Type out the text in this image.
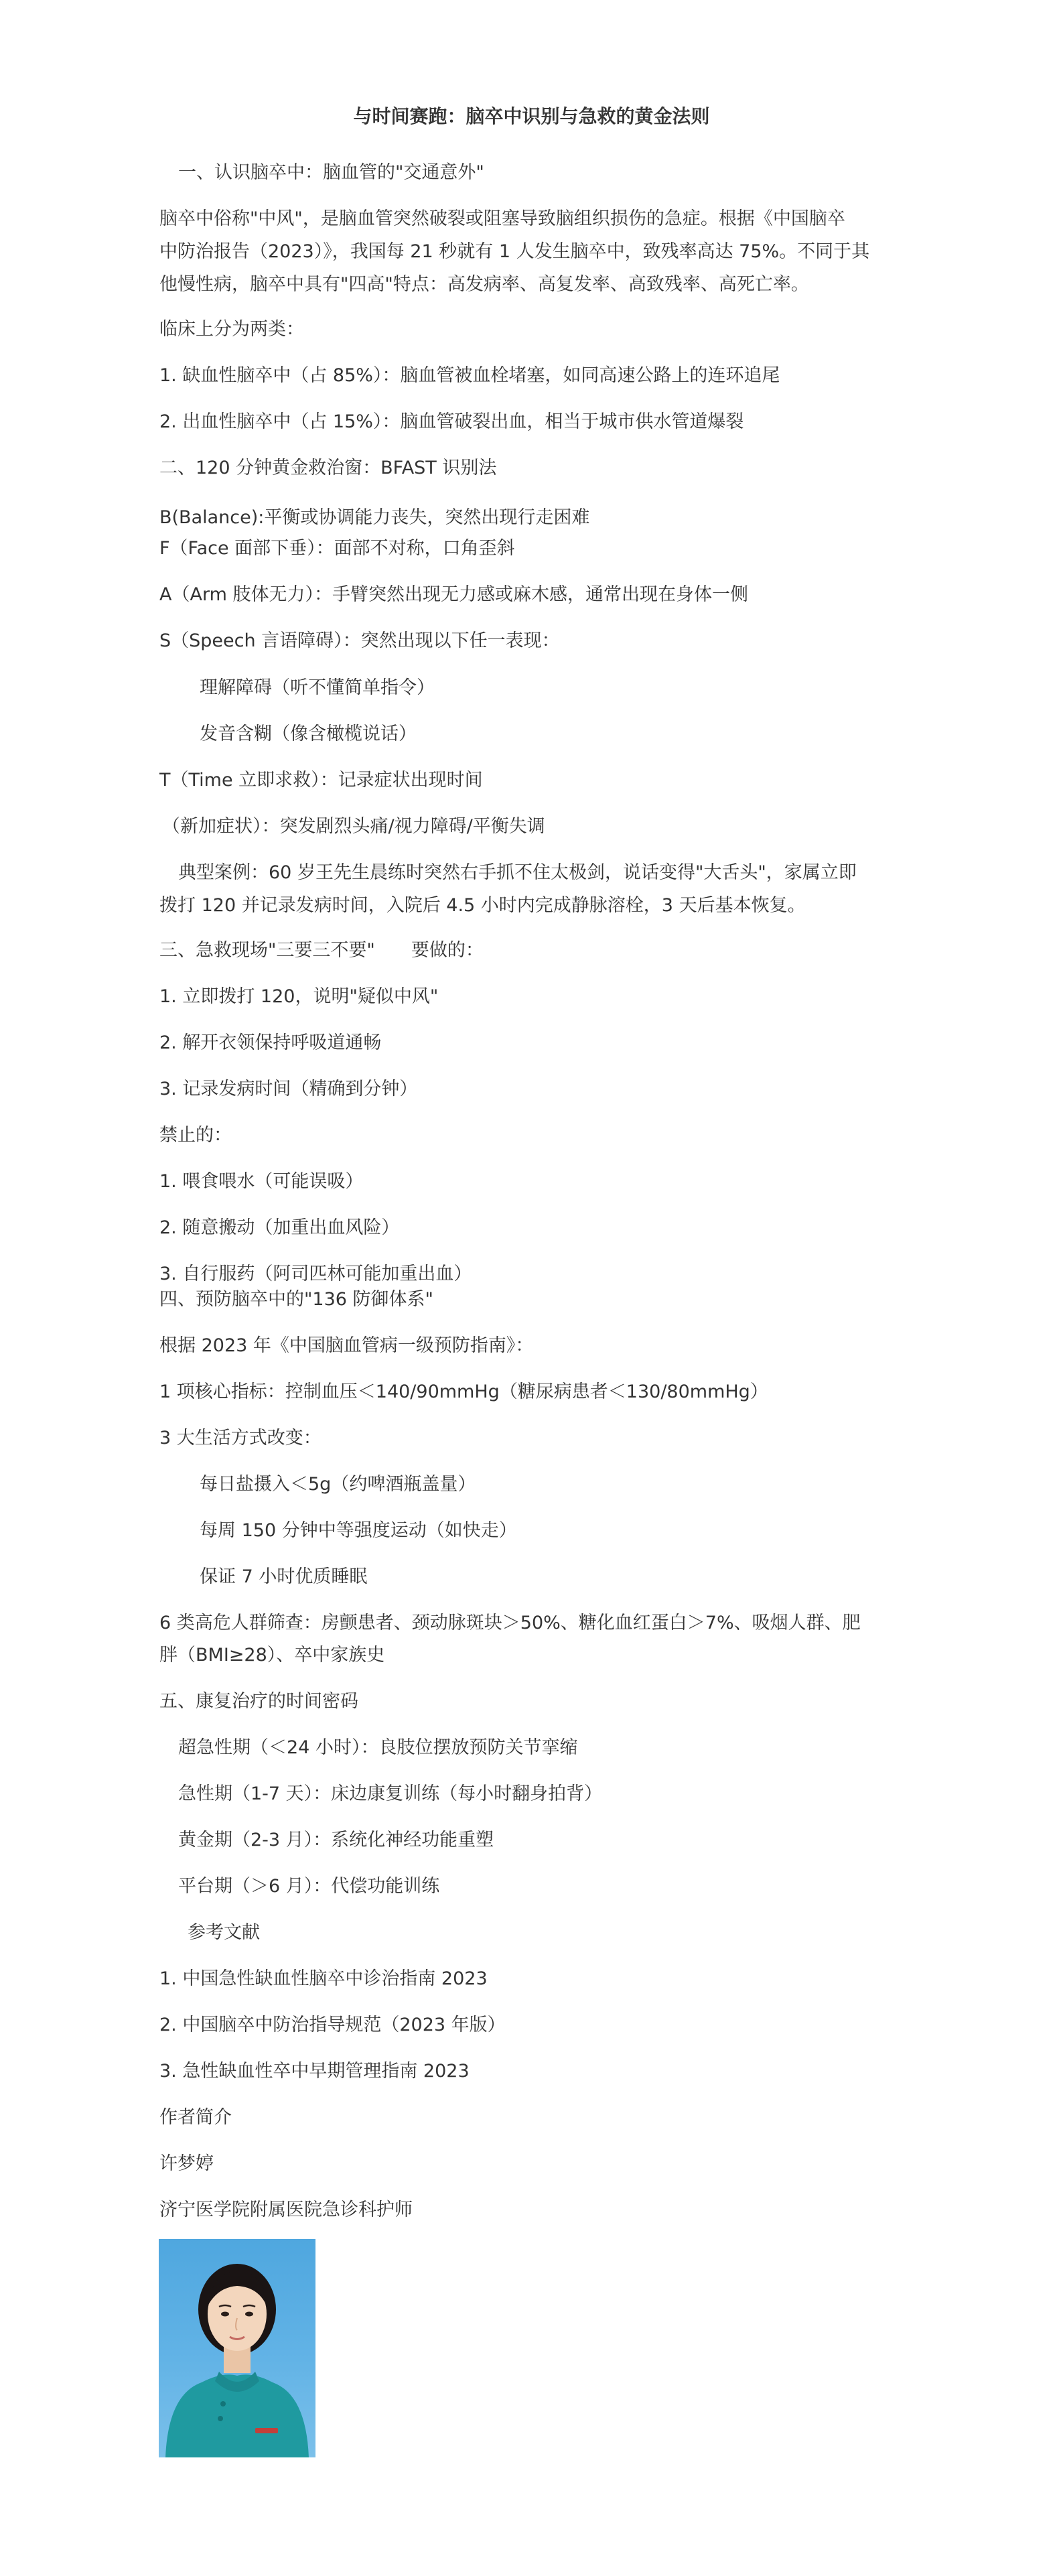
与时间赛跑：脑卒中识别与急救的黄金法则
一、认识脑卒中：脑血管的"交通意外"
脑卒中俗称"中风"，是脑血管突然破裂或阻塞导致脑组织损伤的急症。根据《中国脑卒
中防治报告（2023）》，我国每 21 秒就有 1 人发生脑卒中，致残率高达 75%。不同于其
他慢性病，脑卒中具有"四高"特点：高发病率、高复发率、高致残率、高死亡率。
临床上分为两类：
1. 缺血性脑卒中（占 85%）：脑血管被血栓堵塞，如同高速公路上的连环追尾
2. 出血性脑卒中（占 15%）：脑血管破裂出血，相当于城市供水管道爆裂
二、120 分钟黄金救治窗：BFAST 识别法
B(Balance):平衡或协调能力丧失，突然出现行走困难
F（Face 面部下垂）：面部不对称，口角歪斜
A（Arm 肢体无力）：手臂突然出现无力感或麻木感，通常出现在身体一侧
S（Speech 言语障碍）：突然出现以下任一表现：
理解障碍（听不懂简单指令）
发音含糊（像含橄榄说话）
T（Time 立即求救）：记录症状出现时间
（新加症状）：突发剧烈头痛/视力障碍/平衡失调
典型案例：60 岁王先生晨练时突然右手抓不住太极剑，说话变得"大舌头"，家属立即
拨打 120 并记录发病时间，入院后 4.5 小时内完成静脉溶栓，3 天后基本恢复。
三、急救现场"三要三不要"　　要做的：
1. 立即拨打 120，说明"疑似中风"
2. 解开衣领保持呼吸道通畅
3. 记录发病时间（精确到分钟）
禁止的：
1. 喂食喂水（可能误吸）
2. 随意搬动（加重出血风险）
3. 自行服药（阿司匹林可能加重出血）
四、预防脑卒中的"136 防御体系"
根据 2023 年《中国脑血管病一级预防指南》：
1 项核心指标：控制血压＜140/90mmHg（糖尿病患者＜130/80mmHg）
3 大生活方式改变：
每日盐摄入＜5g（约啤酒瓶盖量）
每周 150 分钟中等强度运动（如快走）
保证 7 小时优质睡眠
6 类高危人群筛查：房颤患者、颈动脉斑块＞50%、糖化血红蛋白＞7%、吸烟人群、肥
胖（BMI≥28）、卒中家族史
五、康复治疗的时间密码
超急性期（＜24 小时）：良肢位摆放预防关节挛缩
急性期（1-7 天）：床边康复训练（每小时翻身拍背）
黄金期（2-3 月）：系统化神经功能重塑
平台期（＞6 月）：代偿功能训练
参考文献
1. 中国急性缺血性脑卒中诊治指南 2023
2. 中国脑卒中防治指导规范（2023 年版）
3. 急性缺血性卒中早期管理指南 2023
作者简介
许梦婷
济宁医学院附属医院急诊科护师
